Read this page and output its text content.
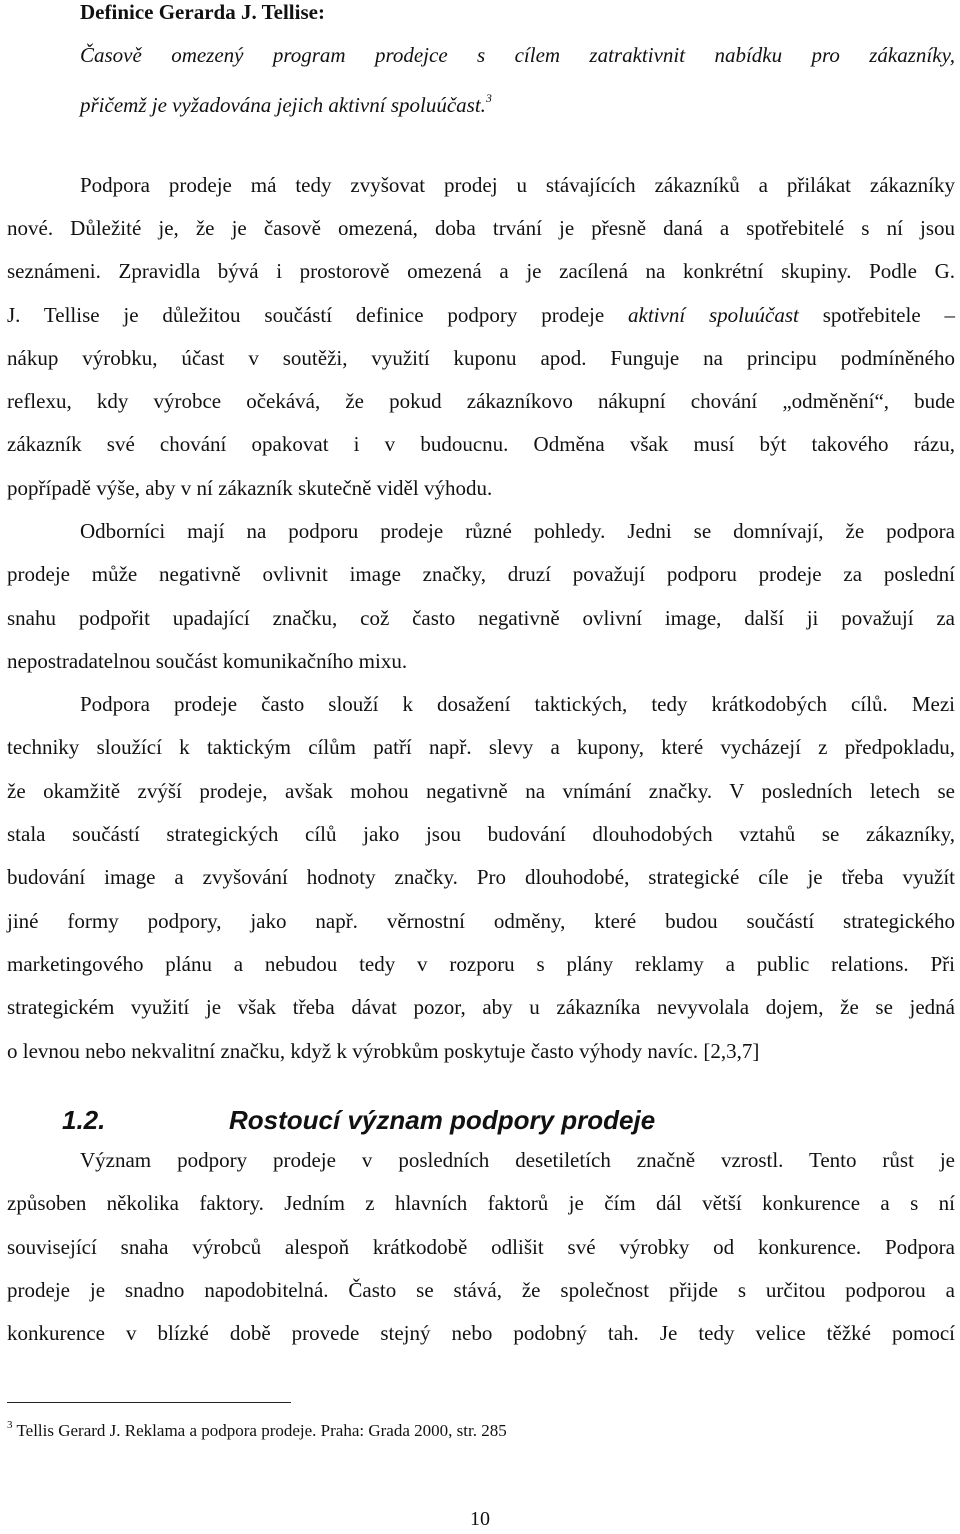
Definice Gerarda J. Tellise:
Časově omezený program prodejce s cílem zatraktivnit nabídku pro zákazníky,
přičemž je vyžadována jejich aktivní spoluúčast.$^3$
Podpora prodeje má tedy zvyšovat prodej u stávajících zákazníků a přilákat zákazníky
nové. Důležité je, že je časově omezená, doba trvání je přesně daná a spotřebitelé s ní jsou
seznámeni. Zpravidla bývá i prostorově omezená a je zacílená na konkrétní skupiny. Podle G.
J. Tellise je důležitou součástí definice podpory prodeje aktivní spoluúčast spotřebitele –
nákup výrobku, účast v soutěži, využití kuponu apod. Funguje na principu podmíněného
reflexu, kdy výrobce očekává, že pokud zákazníkovo nákupní chování „odměnění“, bude
zákazník své chování opakovat i v budoucnu. Odměna však musí být takového rázu,
popřípadě výše, aby v ní zákazník skutečně viděl výhodu.
Odborníci mají na podporu prodeje různé pohledy. Jedni se domnívají, že podpora
prodeje může negativně ovlivnit image značky, druzí považují podporu prodeje za poslední
snahu podpořit upadající značku, což často negativně ovlivní image, další ji považují za
nepostradatelnou součást komunikačního mixu.
Podpora prodeje často slouží k dosažení taktických, tedy krátkodobých cílů. Mezi
techniky sloužící k taktickým cílům patří např. slevy a kupony, které vycházejí z předpokladu,
že okamžitě zvýší prodeje, avšak mohou negativně na vnímání značky. V posledních letech se
stala součástí strategických cílů jako jsou budování dlouhodobých vztahů se zákazníky,
budování image a zvyšování hodnoty značky. Pro dlouhodobé, strategické cíle je třeba využít
jiné formy podpory, jako např. věrnostní odměny, které budou součástí strategického
marketingového plánu a nebudou tedy v rozporu s plány reklamy a public relations. Při
strategickém využití je však třeba dávat pozor, aby u zákazníka nevyvolala dojem, že se jedná
o levnou nebo nekvalitní značku, když k výrobkům poskytuje často výhody navíc. [2,3,7]
1.2.	Rostoucí význam podpory prodeje
Význam podpory prodeje v posledních desetiletích značně vzrostl. Tento růst je
způsoben několika faktory. Jedním z hlavních faktorů je čím dál větší konkurence a s ní
související snaha výrobců alespoň krátkodobě odlišit své výrobky od konkurence. Podpora
prodeje je snadno napodobitelná. Často se stává, že společnost přijde s určitou podporou a
konkurence v blízké době provede stejný nebo podobný tah. Je tedy velice těžké pomocí
$^3$ Tellis Gerard J. Reklama a podpora prodeje. Praha: Grada 2000, str. 285
10
